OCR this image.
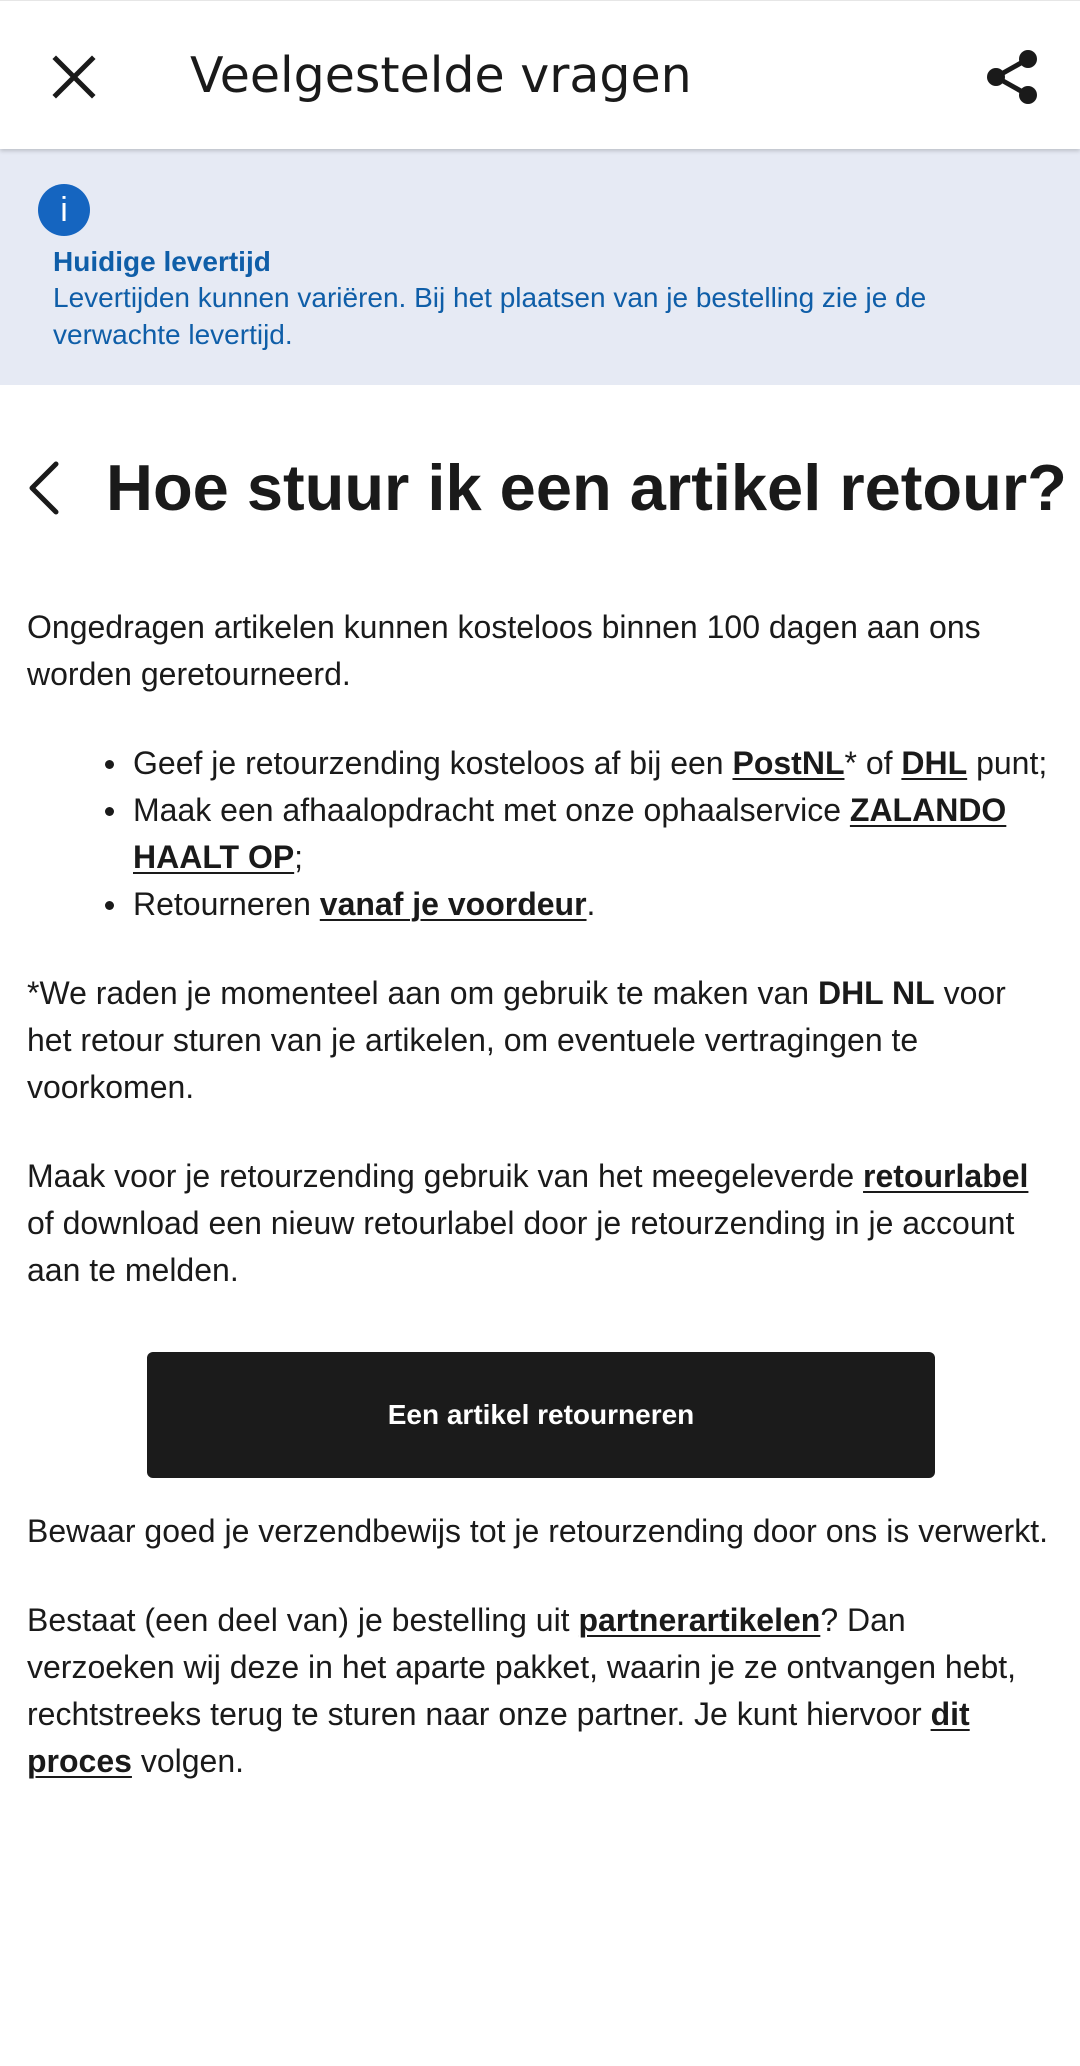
Veelgestelde vragen
i
Huidige levertijd
Levertijden kunnen variëren. Bij het plaatsen van je bestelling zie je de verwachte levertijd.
Hoe stuur ik een artikel retour?

Ongedragen artikelen kunnen kosteloos binnen 100 dagen aan ons worden geretourneerd.

Geef je retourzending kosteloos af bij een PostNL* of DHL punt;
Maak een afhaalopdracht met onze ophaalservice ZALANDO HAALT OP;
Retourneren vanaf je voordeur.

*We raden je momenteel aan om gebruik te maken van DHL NL voor het retour sturen van je artikelen, om eventuele vertragingen te voorkomen.

Maak voor je retourzending gebruik van het meegeleverde retourlabel of download een nieuw retourlabel door je retourzending in je account aan te melden.

Een artikel retourneren

Bewaar goed je verzendbewijs tot je retourzending door ons is verwerkt.

Bestaat (een deel van) je bestelling uit partnerartikelen? Dan verzoeken wij deze in het aparte pakket, waarin je ze ontvangen hebt, rechtstreeks terug te sturen naar onze partner. Je kunt hiervoor dit proces volgen.
